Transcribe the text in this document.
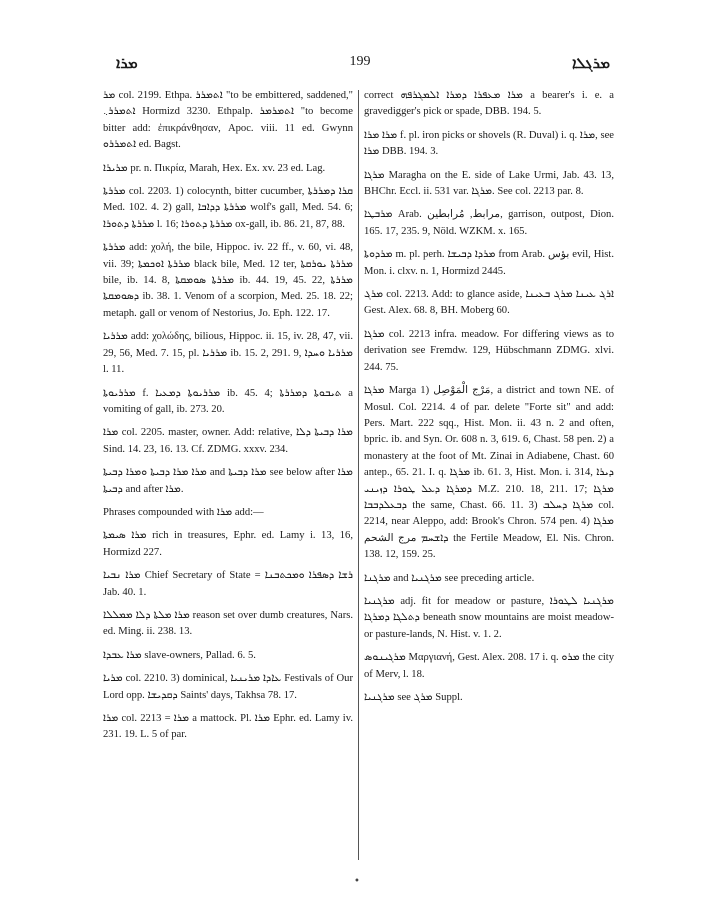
ܡܪܐ	199	ܡܪܓܠܐ

ܡܪ col. 2199. Ethpa. ܐܬܡܪܪ "to be embittered, saddened," ܐܬܡܪܪ܆ Hormizd 3230. Ethpalp. ܐܬܡܪܡܪ "to become bitter add: ἐπικράνθησαν, Apoc. viii. 11 ed. Gwynn ܐܬܡܪܪܘ ed. Bagst.

ܡܪܝܪܐ pr. n. Πικρία, Marah, Hex. Ex. xv. 23 ed. Lag.

ܡܪܪܬܐ col. 2203. 1) colocynth, bitter cucumber, ܩܪܐ ܕܡܪܪܬܐ Med. 102. 4. 2) gall, ܡܪܪܬܐ ܕܕܐܒܐ wolf's gall, Med. 54. 6; ܡܪܪܬܐ ܕܬܘܪܐ l. 16; ܡܪܪܬܐ ܕܬܘܪܐ ox-gall, ib. 86. 21, 87, 88.

ܡܪܪܬܐ add: χολή, the bile, Hippoc. iv. 22 ff., v. 60, vi. 48, vii. 39; ܡܪܪܬܐ ܐܘܟܡܬܐ black bile, Med. 12 ter, ܡܪܪܬܐ ܝܘܪܩܬܐ bile, ib. 14. 8, ܡܪܪܬܐ ܣܘܡܩܬܐ ib. 44. 19, 45. 22, ܡܪܪܬܐ ܕܣܘܡܩܬܐ ib. 38. 1. Venom of a scorpion, Med. 25. 18. 22; metaph. gall or venom of Nestorius, Jo. Eph. 122. 17.

ܡܪܪܝܐ add: χολώδης, bilious, Hippoc. ii. 15, iv. 28, 47, vii. 29, 56, Med. 7. 15, pl. ܡܪܪܝܐ ib. 15. 2, 291. 9, ܡܪܪܝܐ ܘܚܕܐ l. 11.

ܡܪܪܝܘܬܐ f. ܡܪܪܝܘܬܐ ܕܡܥܝܐ ib. 45. 4; ܬܝܒܘܬܐ ܕܡܪܪܬܐ a vomiting of gall, ib. 273. 20.

ܡܪܐ col. 2205. master, owner. Add: relative, ܡܪܐ ܕܒܝܬܐ ܕܠܐ Sind. 14. 23, 16. 13. Cf. ZDMG. xxxv. 234.

ܡܪܐ ܡܪܐ ܕܒܝܬܐ ܘܡܪܐ ܕܒܝܬܐ and ܡܪܐ ܕܒܝܬܐ see below after ܡܪܐ ܕܒܝܬܐ and after ܡܪܐ.

Phrases compounded with ܡܪܐ add:—

ܡܪܐ ܣܝܡܬܐ rich in treasures, Ephr. ed. Lamy i. 13, 16, Hormizd 227.

ܡܪܐ ܢܒܝܐ Chief Secretary of State = ܪܫܐ ܕܣܦܪܐ ܘܡܟܬܒܢܐ Jab. 40. 1.

ܡܪܐ ܡܠܬܐ ܕܠܐ ܡܡܠܠܐ reason set over dumb creatures, Nars. ed. Ming. ii. 238. 13.

ܡܪܐ ܥܒܕܐ slave-owners, Pallad. 6. 5.

ܡܪܝܐ col. 2210. 3) dominical, ܥܐܕܐ ܡܪܝܢܝܐ Festivals of Our Lord opp. ܕܩܕܝܫܐ Saints' days, Takhsa 78. 17.

ܡܪܐ col. 2213 = ܡܪܐ a mattock. Pl. ܡܪܐ Ephr. ed. Lamy iv. 231. 19. L. 5 of par.

correct ܡܪܐ ܡܥܦܪܐ ܕܡܪܐ ܐܠܡܓܪܦܗ a bearer's i. e. a gravedigger's pick or spade, DBB. 194. 5.

ܡܪܐ ܡܪܐ f. pl. iron picks or shovels (R. Duval) i. q. ܡܪܐ, see ܡܪܐ DBB. 194. 3.

ܡܪܓܐ Maragha on the E. side of Lake Urmi, Jab. 43. 13, BHChr. Eccl. ii. 531 var. ܡܪܓܐ. See col. 2213 par. 8.

ܡܪܒܛܐ Arab. مرابط, مُرابطين, garrison, outpost, Dion. 165. 17, 235. 9, Nöld. WZKM. x. 165.

ܡܪܕܘܬܐ m. pl. perh. ܡܪܕܐ ܕܒܝܫܐ from Arab. بؤس evil, Hist. Mon. i. clxv. n. 1, Hormizd 2445.

ܡܪܓ col. 2213. Add: to glance aside, ܐܪܓ ܥܝܢܐ ܡܪܓ ܒܥܝܢܐ Gest. Alex. 68. 8, BH. Moberg 60.

ܡܪܓܐ col. 2213 infra. meadow. For differing views as to derivation see Fremdw. 129, Hübschmann ZDMG. xlvi. 244. 75.

ܡܪܓܐ Marga 1) مَرْج الْمَوْصِل, a district and town NE. of Mosul. Col. 2214. 4 of par. delete "Forte sit" and add: Pers. Mart. 222 sqq., Hist. Mon. ii. 43 n. 2 and often, bpric. ib. and Syn. Or. 608 n. 3, 619. 6, Chast. 58 pen. 2) a monastery at the foot of Mt. Zinai in Adiabene, Chast. 60 antep., 65. 21. I. q. ܡܪܓܐ ib. 61. 3, Hist. Mon. i. 314, ܕܝܪܐ ܕܡܪܓܐ ܕܥܠ ܛܘܪܐ ܕܙܝܢܝ M.Z. 210. 18, 211. 17; ܡܪܓܐ ܕܒܥܠܕܒܒܐ the same, Chast. 66. 11. 3) ܡܪܓܐ ܕܚܠܒ col. 2214, near Aleppo, add: Brook's Chron. 574 pen. 4) ܡܪܓܐ ܕܐܫܚܡ مرج الشحم the Fertile Meadow, El. Nis. Chron. 138. 12, 159. 25.

ܡܪܓܢܐ and ܡܪܓܢܝܐ see preceding article.

ܡܪܓܢܝܐ adj. fit for meadow or pasture, ܡܪܓܢܝܐ ܠܛܘܪܐ ܕܬܠܓܐ ܕܡܪܓܐ beneath snow mountains are moist meadow- or pasture-lands, N. Hist. v. 1. 2.

ܡܪܓܝܢܘܣ Μαργιανή, Gest. Alex. 208. 17 i. q. ܡܪܘ the city of Merv, l. 18.

ܡܪܓܢܝܐ see ܡܪܓ Suppl.

•
